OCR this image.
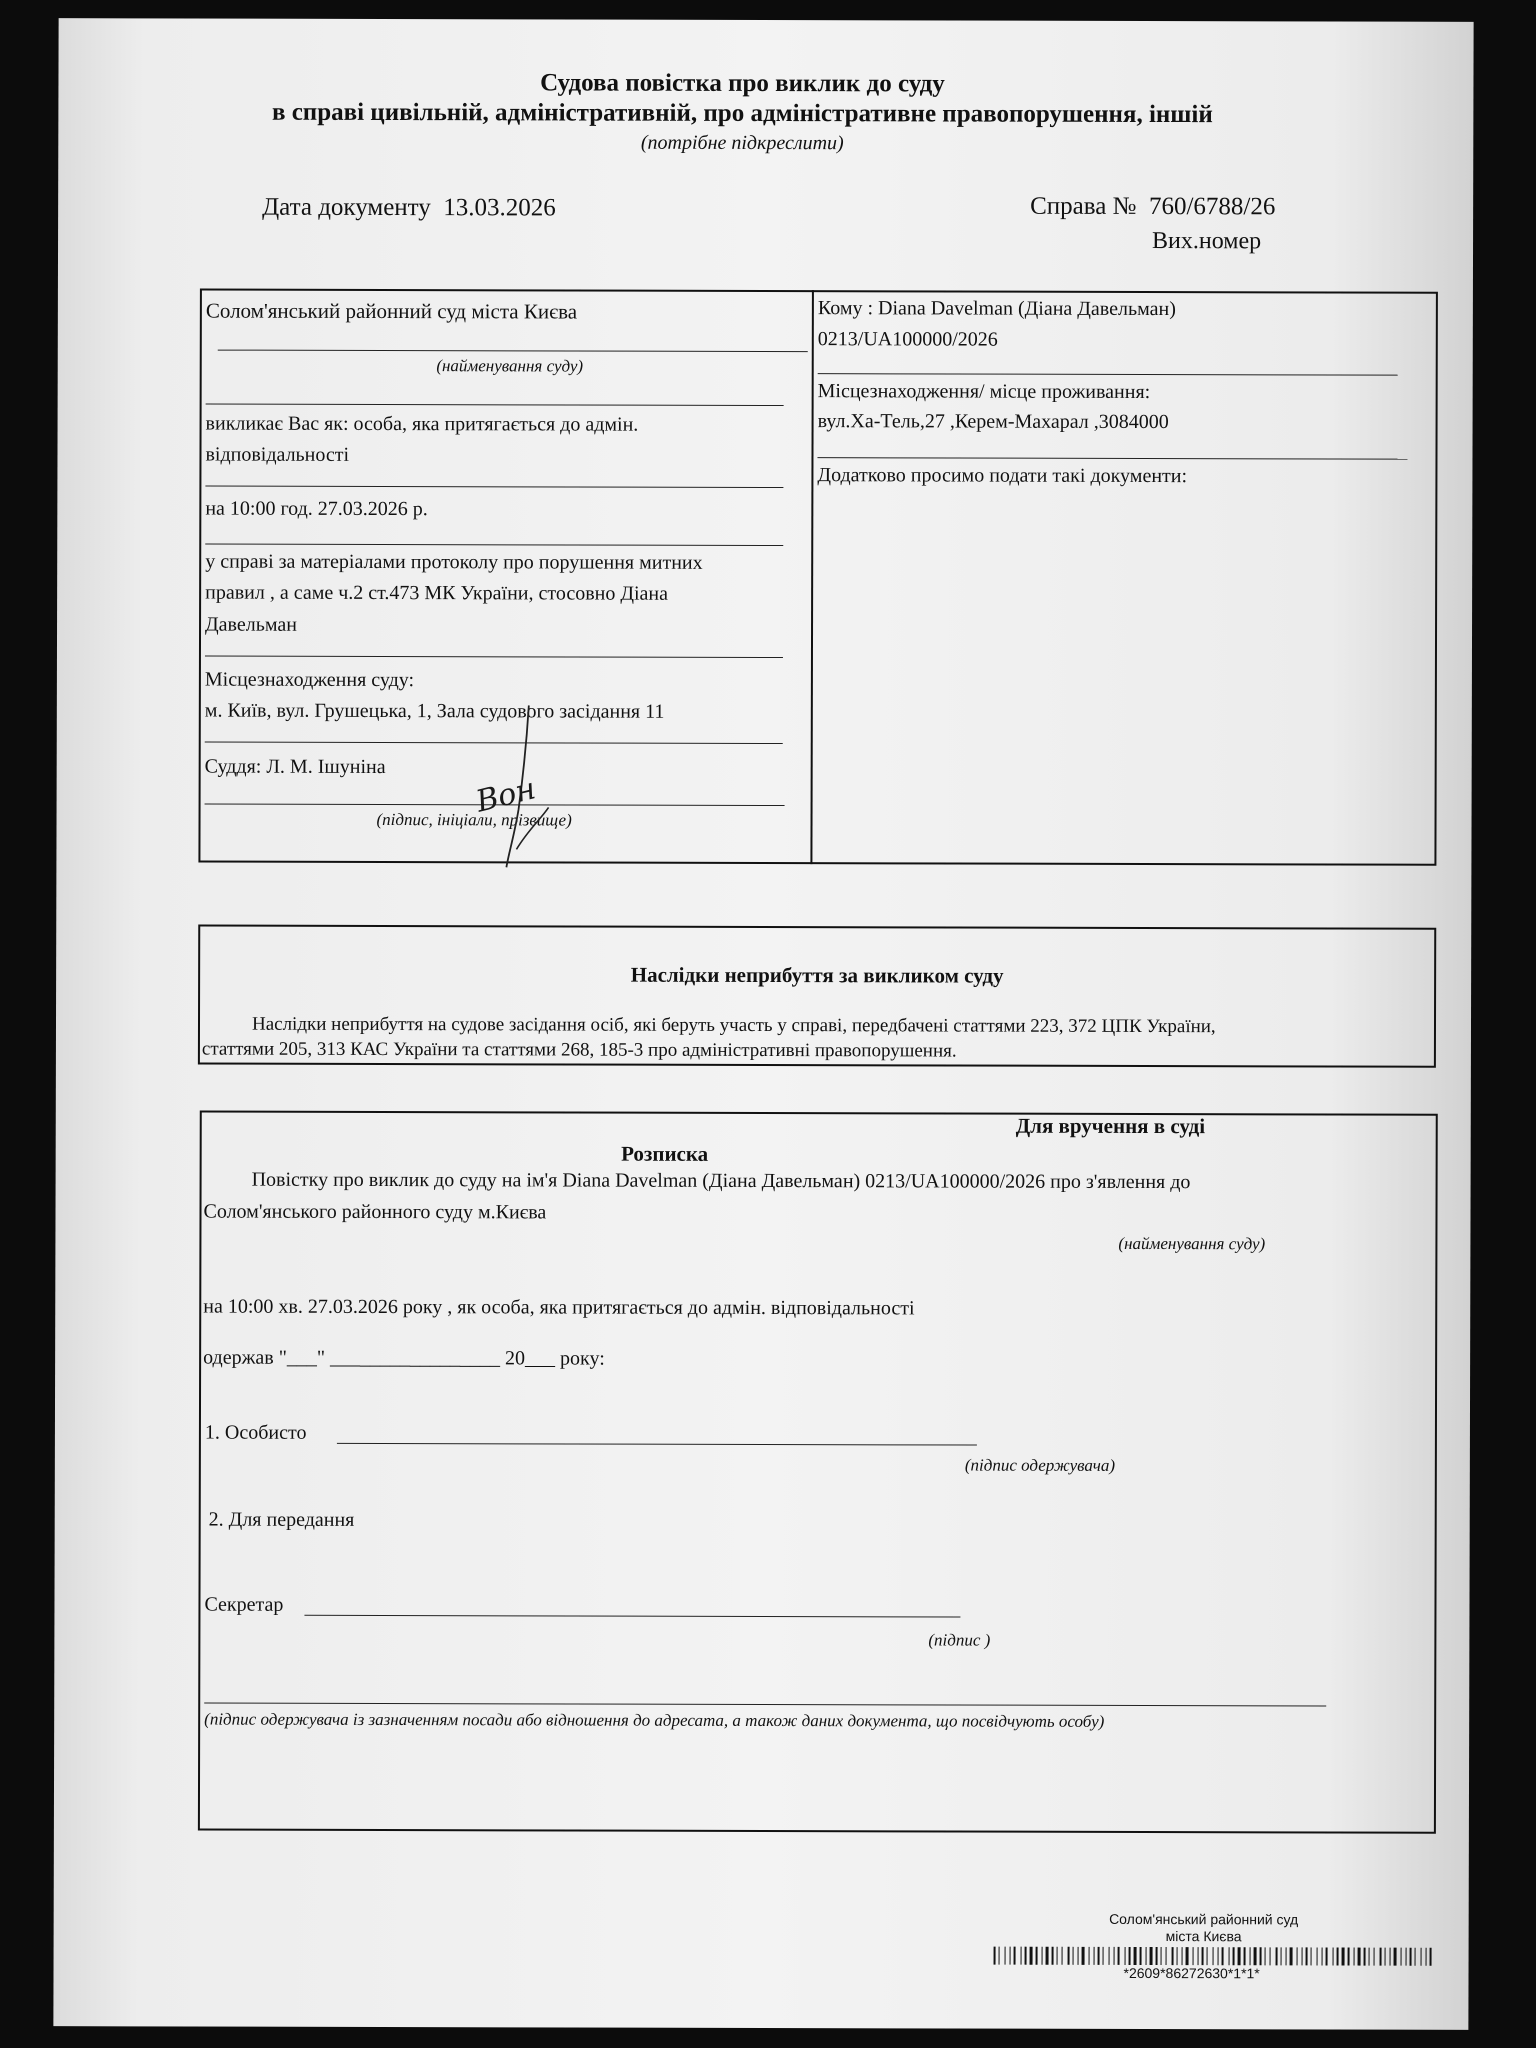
Судова повістка про виклик до суду
в справі цивільній, адміністративній, про адміністративне правопорушення, іншій
(потрібне підкреслити)
Дата документу 13.03.2026	Справа № 760/6788/26
Вих.номер
Солом'янський районний суд міста Києва
(найменування суду)
викликає Вас як: особа, яка притягається до адмін.
відповідальності
на 10:00 год. 27.03.2026 р.
у справі за матеріалами протоколу про порушення митних
правил , а саме ч.2 ст.473 МК України, стосовно Діана
Давельман
Місцезнаходження суду:
м. Київ, вул. Грушецька, 1, Зала судового засідання 11
Суддя: Л. М. Ішуніна
(підпис, ініціали, прізвище)
Вон
Кому : Diana Davelman (Діана Давельман)
0213/UA100000/2026
Місцезнаходження/ місце проживання:
вул.Ха-Тель,27 ,Керем-Махарал ,3084000
Додатково просимо подати такі документи:
Наслідки неприбуття за викликом суду
Наслідки неприбуття на судове засідання осіб, які беруть участь у справі, передбачені статтями 223, 372 ЦПК України,
статтями 205, 313 КАС України та статтями 268, 185-3 про адміністративні правопорушення.
Для вручення в суді
Розписка
Повістку про виклик до суду на ім'я Diana Davelman (Діана Давельман) 0213/UA100000/2026 про з'явлення до
Солом'янського районного суду м.Києва
(найменування суду)
на 10:00 хв. 27.03.2026 року , як особа, яка притягається до адмін. відповідальності
одержав "___" _________________ 20___ року:
1. Особисто
(підпис одержувача)
2. Для передання
Секретар
(підпис )
(підпис одержувача із зазначенням посади або відношення до адресата, а також даних документа, що посвідчують особу)
Солом'янський районний суд
міста Києва
*2609*86272630*1*1*
